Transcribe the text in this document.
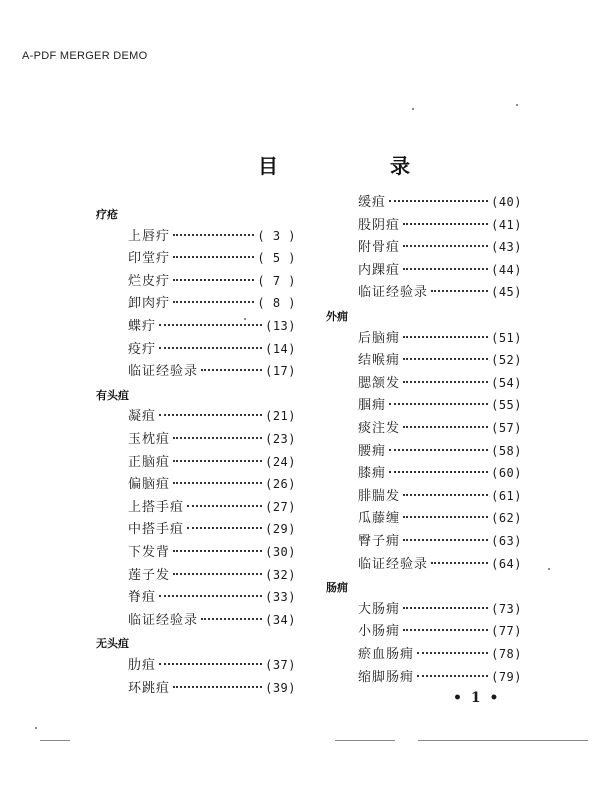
A-PDF MERGER DEMO
目　录
疗疮
上唇疔	( 3 )
印堂疔	( 5 )
烂皮疔	( 7 )
卸肉疔	( 8 )
蝶疔	(13)
疫疔	(14)
临证经验录	(17)
有头疽
凝疽	(21)
玉枕疽	(23)
正脑疽	(24)
偏脑疽	(26)
上搭手疽	(27)
中搭手疽	(29)
下发背	(30)
莲子发	(32)
脊疽	(33)
临证经验录	(34)
无头疽
肋疽	(37)
环跳疽	(39)
缓疽	(40)
股阴疽	(41)
附骨疽	(43)
内踝疽	(44)
临证经验录	(45)
外痈
后脑痈	(51)
结喉痈	(52)
腮颔发	(54)
腘痈	(55)
痰注发	(57)
腰痈	(58)
膝痈	(60)
腓腨发	(61)
瓜藤缠	(62)
臀子痈	(63)
临证经验录	(64)
肠痈
大肠痈	(73)
小肠痈	(77)
瘀血肠痈	(78)
缩脚肠痈	(79)
• 1 •
